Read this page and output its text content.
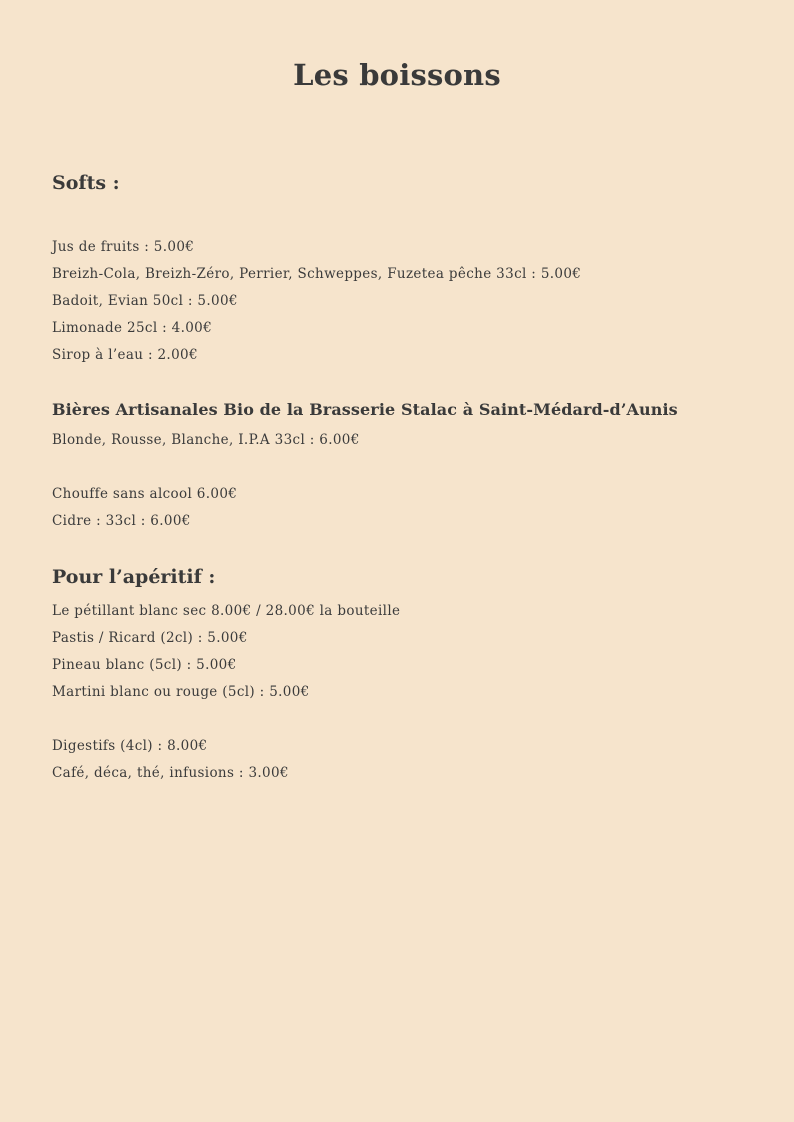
Les boissons
Softs :

Jus de fruits : 5.00€

Breizh-Cola, Breizh-Zéro, Perrier, Schweppes, Fuzetea pêche 33cl : 5.00€

Badoit, Evian 50cl : 5.00€

Limonade 25cl : 4.00€

Sirop à l’eau : 2.00€

Bières Artisanales Bio de la Brasserie Stalac à Saint-Médard-d’Aunis

Blonde, Rousse, Blanche, I.P.A 33cl : 6.00€

Chouffe sans alcool 6.00€

Cidre : 33cl : 6.00€

Pour l’apéritif :

Le pétillant blanc sec 8.00€ / 28.00€ la bouteille

Pastis / Ricard (2cl) : 5.00€

Pineau blanc (5cl) : 5.00€

Martini blanc ou rouge (5cl) : 5.00€

Digestifs (4cl) : 8.00€

Café, déca, thé, infusions : 3.00€
